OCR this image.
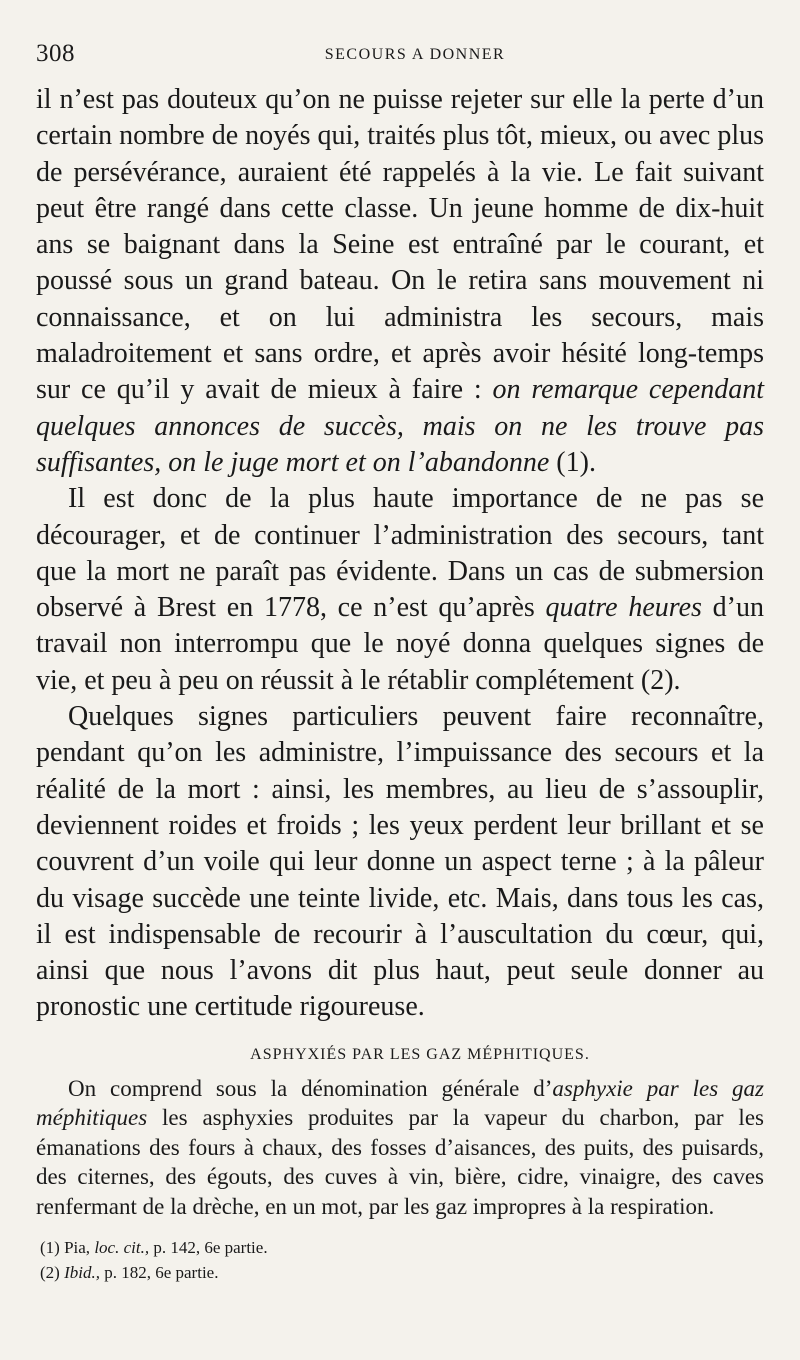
308	SECOURS A DONNER

il n’est pas douteux qu’on ne puisse rejeter sur elle la perte d’un certain nombre de noyés qui, traités plus tôt, mieux, ou avec plus de persévérance, auraient été rappelés à la vie. Le fait suivant peut être rangé dans cette classe. Un jeune homme de dix-huit ans se baignant dans la Seine est entraîné par le courant, et poussé sous un grand bateau. On le retira sans mouvement ni connaissance, et on lui administra les secours, mais maladroitement et sans ordre, et après avoir hésité long-temps sur ce qu’il y avait de mieux à faire : on remarque cependant quelques annonces de succès, mais on ne les trouve pas suffisantes, on le juge mort et on l’abandonne (1).

Il est donc de la plus haute importance de ne pas se décourager, et de continuer l’administration des secours, tant que la mort ne paraît pas évidente. Dans un cas de submersion observé à Brest en 1778, ce n’est qu’après quatre heures d’un travail non interrompu que le noyé donna quelques signes de vie, et peu à peu on réussit à le rétablir complétement (2).

Quelques signes particuliers peuvent faire reconnaître, pendant qu’on les administre, l’impuissance des secours et la réalité de la mort : ainsi, les membres, au lieu de s’assouplir, deviennent roides et froids ; les yeux perdent leur brillant et se couvrent d’un voile qui leur donne un aspect terne ; à la pâleur du visage succède une teinte livide, etc. Mais, dans tous les cas, il est indispensable de recourir à l’auscultation du cœur, qui, ainsi que nous l’avons dit plus haut, peut seule donner au pronostic une certitude rigoureuse.

ASPHYXIÉS PAR LES GAZ MÉPHITIQUES.

On comprend sous la dénomination générale d’asphyxie par les gaz méphitiques les asphyxies produites par la vapeur du charbon, par les émanations des fours à chaux, des fosses d’aisances, des puits, des puisards, des citernes, des égouts, des cuves à vin, bière, cidre, vinaigre, des caves renfermant de la drèche, en un mot, par les gaz impropres à la respiration.

(1) Pia, loc. cit., p. 142, 6e partie.
(2) Ibid., p. 182, 6e partie.
